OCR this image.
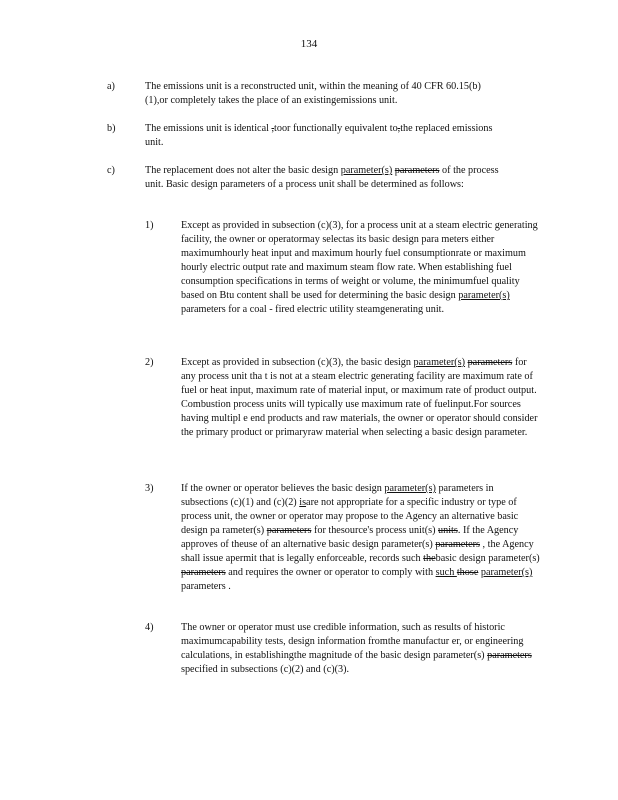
134
a)	The emissions unit is a reconstructed unit, within the meaning of 40 CFR 60.15(b)(1),or completely takes the place of an existingemissions unit.
b)	The emissions unit is identical ,toor functionally equivalent to,the replaced emissions unit.
c)	The replacement does not alter the basic design parameter(s) parameters of the process unit. Basic design parameters of a process unit shall be determined as follows:
1)	Except as provided in subsection (c)(3), for a process unit at a steam electric generating facility, the owner or operatormay selectas its basic design para meters either maximumhourly heat input and maximum hourly fuel consumptionrate or maximum hourly electric output rate and maximum steam flow rate. When establishing fuel consumption specifications in terms of weight or volume, the minimumfuel quality based on Btu content shall be used for determining the basic design parameter(s) parameters for a coal - fired electric utility steamgenerating unit.
2)	Except as provided in subsection (c)(3), the basic design parameter(s) parameters for any process unit tha t is not at a steam electric generating facility are maximum rate of fuel or heat input, maximum rate of material input, or maximum rate of product output. Combustion process units will typically use maximum rate of fuelinput.For sources having multipl e end products and raw materials, the owner or operator should consider the primary product or primaryraw material when selecting a basic design parameter.
3)	If the owner or operator believes the basic design parameter(s) parameters in subsections (c)(1) and (c)(2) isare not appropriate for a specific industry or type of process unit, the owner or operator may propose to the Agency an alternative basic design pa rameter(s) parameters for thesource's process unit(s) units. If the Agency approves of theuse of an alternative basic design parameter(s) parameters , the Agency shall issue apermit that is legally enforceable, records such thebasic design parameter(s) parameters and requires the owner or operator to comply with such those parameter(s) parameters .
4)	The owner or operator must use credible information, such as results of historic maximumcapability tests, design information fromthe manufactur er, or engineering calculations, in establishingthe magnitude of the basic design parameter(s) parameters specified in subsections (c)(2) and (c)(3).
